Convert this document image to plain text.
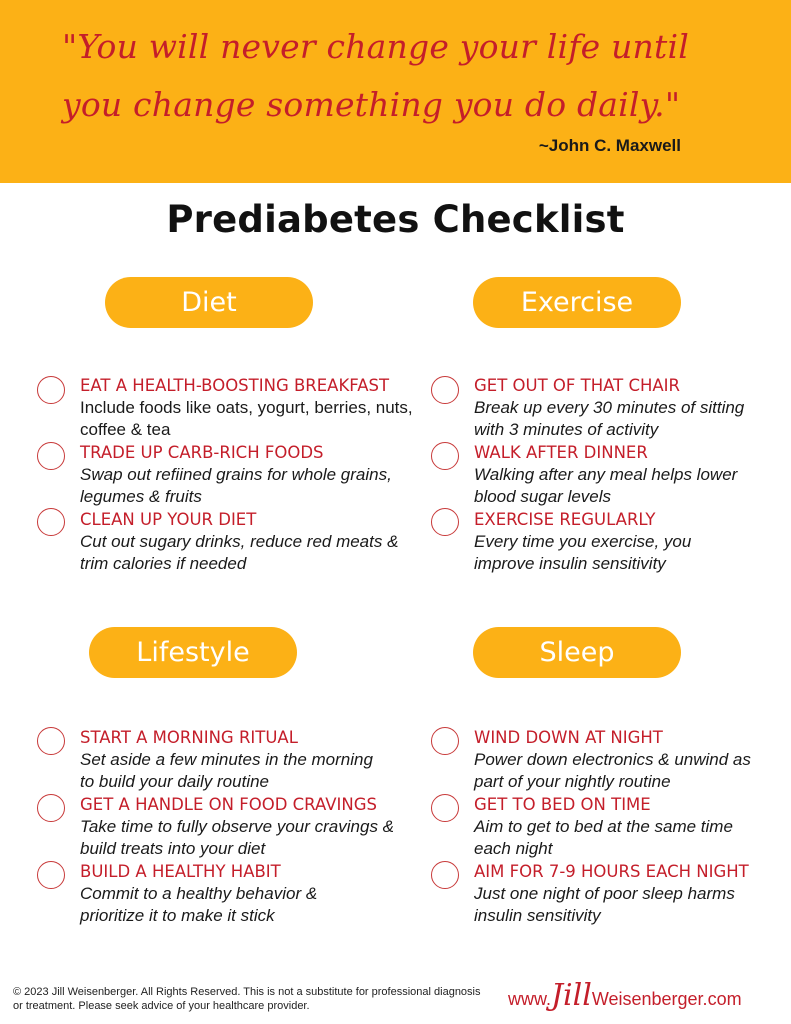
"You will never change your life until
you change something you do daily."
~John C. Maxwell
Prediabetes Checklist
Diet
EAT A HEALTH-BOOSTING BREAKFAST
Include foods like oats, yogurt, berries, nuts, coffee & tea
TRADE UP CARB-RICH FOODS
Swap out refiined grains for whole grains, legumes & fruits
CLEAN UP YOUR DIET
Cut out sugary drinks, reduce red meats & trim calories if needed
Exercise
GET OUT OF THAT CHAIR
Break up every 30 minutes of sitting with 3 minutes of activity
WALK AFTER DINNER
Walking after any meal helps lower blood sugar levels
EXERCISE REGULARLY
Every time you exercise, you improve insulin sensitivity
Lifestyle
START A MORNING RITUAL
Set aside a few minutes in the morning to build your daily routine
GET A HANDLE ON FOOD CRAVINGS
Take time to fully observe your cravings & build treats into your diet
BUILD A HEALTHY HABIT
Commit to a healthy behavior & prioritize it to make it stick
Sleep
WIND DOWN AT NIGHT
Power down electronics & unwind as part of your nightly routine
GET TO BED ON TIME
Aim to get to bed at the same time each night
AIM FOR 7-9 HOURS EACH NIGHT
Just one night of poor sleep harms insulin sensitivity
© 2023 Jill Weisenberger. All Rights Reserved. This is not a substitute for professional diagnosis or treatment. Please seek advice of your healthcare provider.	www.JillWeisenberger.com
